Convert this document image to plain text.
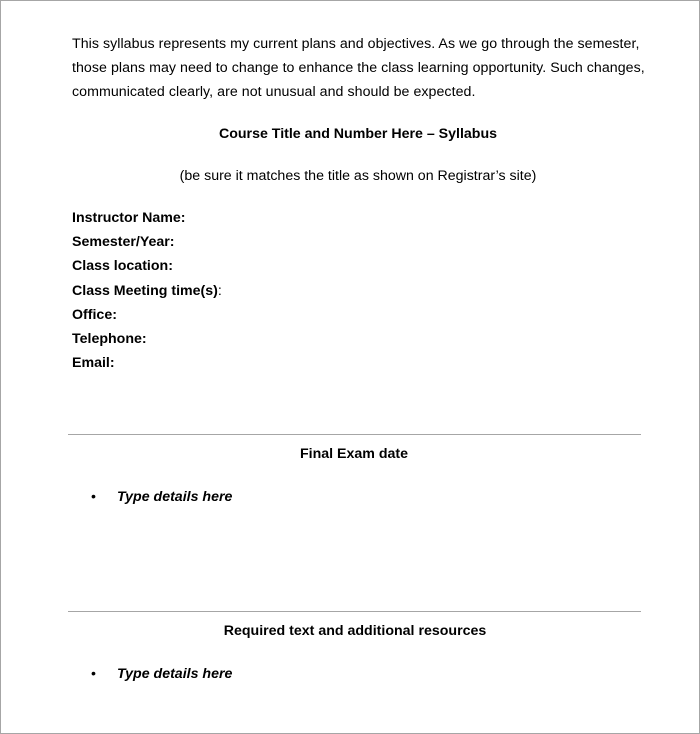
This syllabus represents my current plans and objectives. As we go through the semester,
those plans may need to change to enhance the class learning opportunity. Such changes,
communicated clearly, are not unusual and should be expected.
Course Title and Number Here – Syllabus
(be sure it matches the title as shown on Registrar’s site)
Instructor Name:
Semester/Year:
Class location:
Class Meeting time(s):
Office:
Telephone:
Email:
Final Exam date
• Type details here
Required text and additional resources
• Type details here
